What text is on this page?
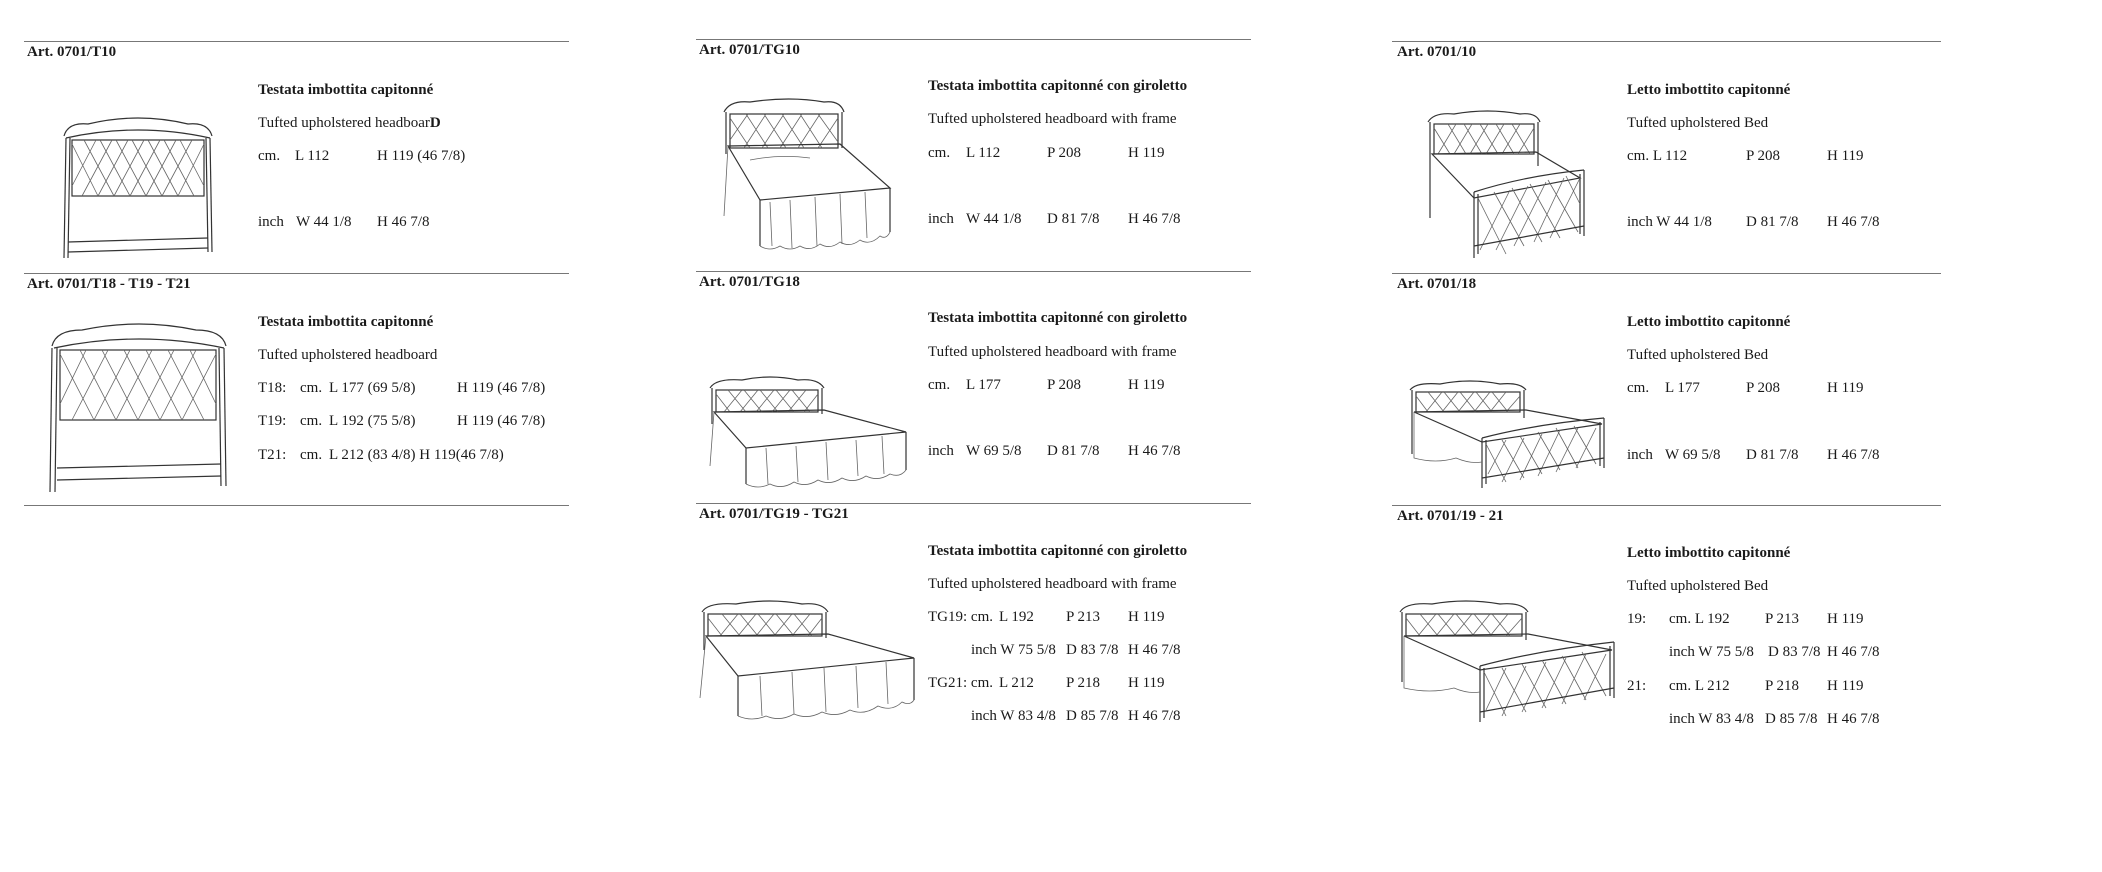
Art. 0701/T10
Testata imbottita capitonné
Tufted upholstered headboarD
cm. L 112	H 119 (46 7/8)
inch W 44 1/8 H 46 7/8
Art. 0701/T18 - T19 - T21
Testata imbottita capitonné
Tufted upholstered headboard
T18: cm. L 177 (69 5/8)	H 119 (46 7/8)
T19: cm. L 192 (75 5/8)	H 119 (46 7/8)
T21: cm. L 212 (83 4/8) H 119(46 7/8)
Art. 0701/TG10
Testata imbottita capitonné con giroletto
Tufted upholstered headboard with frame
cm. L 112	P 208	H 119
inch W 44 1/8 D 81 7/8 H 46 7/8
Art. 0701/TG18
Testata imbottita capitonné con giroletto
Tufted upholstered headboard with frame
cm. L 177	P 208	H 119
inch W 69 5/8 D 81 7/8 H 46 7/8
Art. 0701/TG19 - TG21
Testata imbottita capitonné con giroletto
Tufted upholstered headboard with frame
TG19: cm. L 192 P 213 H 119
inch W 75 5/8 D 83 7/8 H 46 7/8
TG21: cm. L 212 P 218 H 119
inch W 83 4/8 D 85 7/8 H 46 7/8
Art. 0701/10
Letto imbottito capitonné
Tufted upholstered Bed
cm. L 112	P 208	H 119
inch W 44 1/8 D 81 7/8 H 46 7/8
Art. 0701/18
Letto imbottito capitonné
Tufted upholstered Bed
cm. L 177	P 208	H 119
inch W 69 5/8 D 81 7/8 H 46 7/8
Art. 0701/19 - 21
Letto imbottito capitonné
Tufted upholstered Bed
19: cm. L 192 P 213 H 119
inch W 75 5/8 D 83 7/8 H 46 7/8
21: cm. L 212 P 218 H 119
inch W 83 4/8 D 85 7/8 H 46 7/8
